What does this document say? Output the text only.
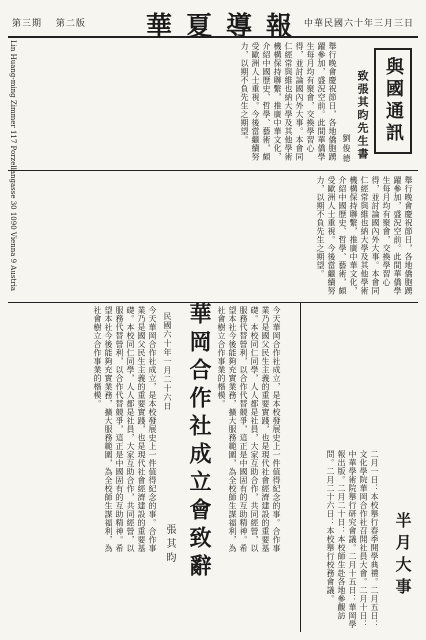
中華民國六十年三月三日
華夏導報
第三期 第二版
與國通訊
致張其昀先生書
劉俊德
舉行晚會慶祝節日，各地僑胞踴躍參加，盛況空前。此間華僑學生每月均有聚會，交換學習心得，並討論國內外大事。本會同仁經常與維也納大學及其他學術機構保持聯繫，推廣中華文化，介紹中國歷史、哲學、藝術，頗受歐洲人士重視。今後當繼續努力，以期不負先生之期望。
Lin Huang-ming Zimmer 117 Porzellangasse 30 1090 Vienna 9 Austria	舉行晚會慶祝節日，各地僑胞踴躍參加，盛況空前。此間華僑學生每月均有聚會，交換學習心得，並討論國內外大事。本會同仁經常與維也納大學及其他學術機構保持聯繫，推廣中華文化，介紹中國歷史、哲學、藝術，頗受歐洲人士重視。今後當繼續努力，以期不負先生之期望。
華岡合作社成立會致辭
民國六十年一月二十六日
張其昀	今天華岡合作社成立，是本校發展史上一件值得紀念的事。合作事業乃是國父民生主義的重要實踐，也是現代社會經濟建設的重要基礎。本校同仁同學，人人都是社員，大家互助合作，共同經營，以服務代替營利，以合作代替競爭，這正是中國固有的互助精神。希望本社今後能夠充實業務，擴大服務範圍，為全校師生謀福利，為社會樹立合作事業的楷模。
今天華岡合作社成立，是本校發展史上一件值得紀念的事。合作事業乃是國父民生主義的重要實踐，也是現代社會經濟建設的重要基礎。本校同仁同學，人人都是社員，大家互助合作，共同經營，以服務代替營利，以合作代替競爭，這正是中國固有的互助精神。希望本社今後能夠充實業務，擴大服務範圍，為全校師生謀福利，為社會樹立合作事業的楷模。
半月大事
二月一日：本校舉行春季開學典禮。二月五日：文化學院華岡合作社召開社員大會。二月十日：中華學術院舉行研究會議。二月十五日：華岡學報出版。二月二十日：本校師生赴各地參觀訪問。二月二十六日：本校舉行校務會議。
